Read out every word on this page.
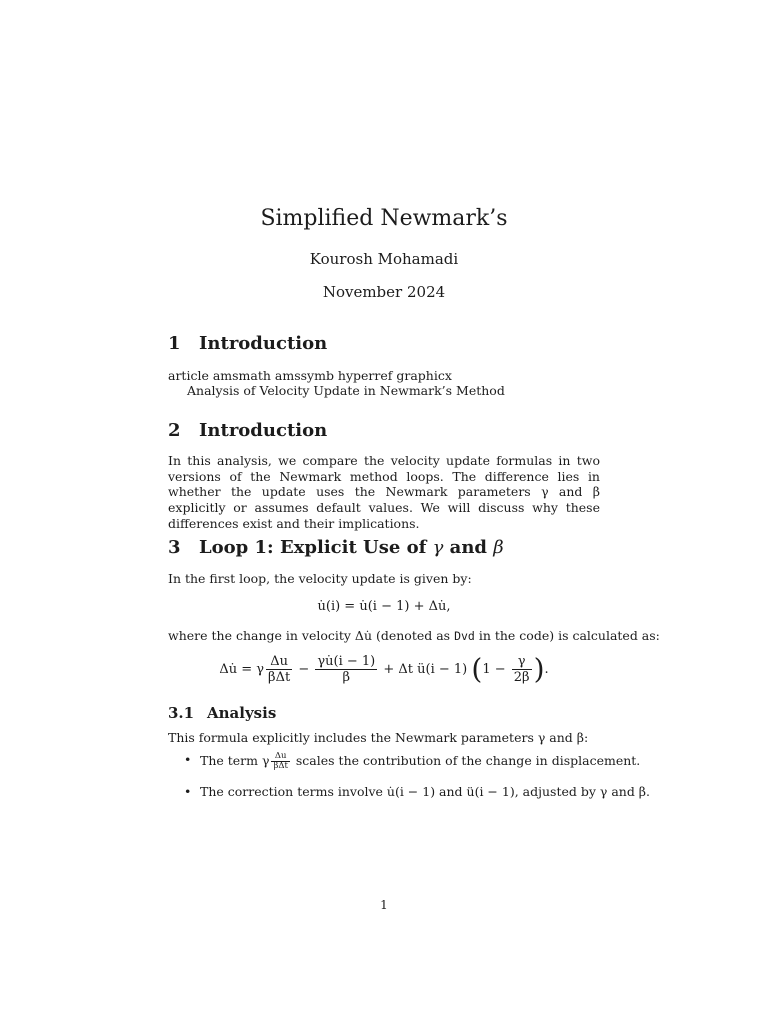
Simplified Newmark’s
Kourosh Mohamadi
November 2024
1 Introduction
article amsmath amssymb hyperref graphicx
Analysis of Velocity Update in Newmark’s Method
2 Introduction
In this analysis, we compare the velocity update formulas in two versions of the Newmark method loops. The difference lies in whether the update uses the Newmark parameters γ and β explicitly or assumes default values. We will discuss why these differences exist and their implications.
3 Loop 1: Explicit Use of γ and β
In the first loop, the velocity update is given by:
u̇(i) = u̇(i − 1) + Δu̇,
where the change in velocity Δu̇ (denoted as Dvd in the code) is calculated as:
Δu̇ = γ $\frac{\Delta u}{\text{βΔt}} - \frac{\gamma u̇(i - 1)}{\beta} + \Delta t$ ü(i − 1) ($1 - \frac{\gamma}{2\beta}$ ).
3.1 Analysis
This formula explicitly includes the Newmark parameters γ and β:
• The term γ $\frac{\Delta u}{\text{βΔt}}$ scales the contribution of the change in displacement.
• The correction terms involve u̇(i − 1) and ü(i − 1), adjusted by γ and β.
1
